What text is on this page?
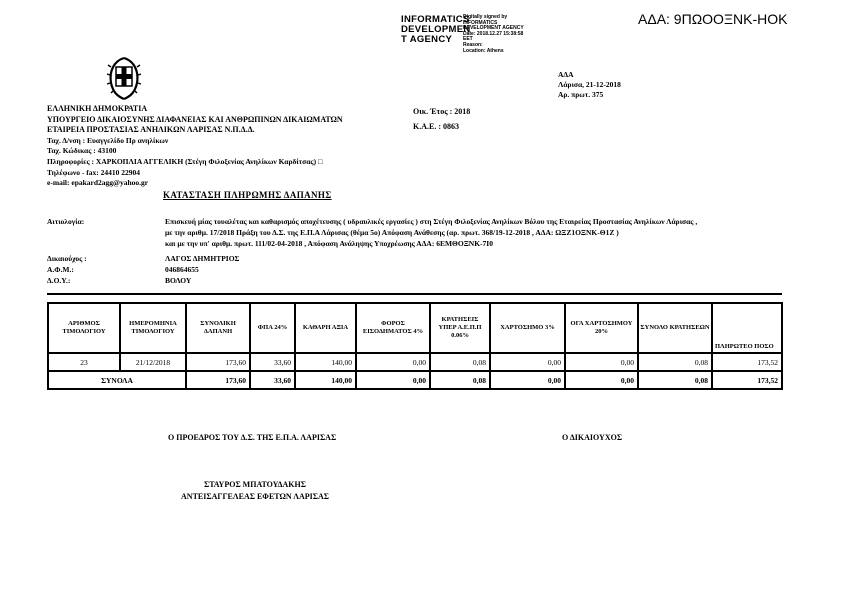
INFORMATICS
DEVELOPMEN
T AGENCY
Digitally signed by
INFORMATICS
DEVELOPMENT AGENCY
Date: 2018.12.27 15:38:58
EET
Reason:
Location: Athens
ΑΔΑ: 9ΠΩΟΟΞΝΚ-ΗΟΚ
ΕΛΛΗΝΙΚΗ ΔΗΜΟΚΡΑΤΙΑ
ΥΠΟΥΡΓΕΙΟ ΔΙΚΑΙΟΣΥΝΗΣ ΔΙΑΦΑΝΕΙΑΣ ΚΑΙ ΑΝΘΡΩΠΙΝΩΝ ΔΙΚΑΙΩΜΑΤΩΝ
ΕΤΑΙΡΕΙΑ ΠΡΟΣΤΑΣΙΑΣ ΑΝΗΛΙΚΩΝ ΛΑΡΙΣΑΣ Ν.Π.Δ.Δ.
Ταχ. Δ/νση : Ευαγγελίδο Πρ ανηλίκων
Ταχ. Κώδικας : 43100
Πληροφορίες : ΧΑΡΚΟΠΛΙΑ ΑΓΓΕΛΙΚΗ (Στέγη Φιλοξενίας Ανηλίκων Καρδίτσας) □
Τηλέφωνο - fax: 24410 22904
e-mail: epakard2agg@yahoo.gr
Οικ. Έτος : 2018
Κ.Α.Ε. : 0863
ΑΔΑ
Λάρισα, 21-12-2018
Αρ. πρωτ. 375
ΚΑΤΑΣΤΑΣΗ ΠΛΗΡΩΜΗΣ ΔΑΠΑΝΗΣ
Αιτιολογία:	Επισκευή μίας τουαλέτας και καθαρισμός αποχέτευσης ( υδραυλικές εργασίες ) στη Στέγη Φιλοξενίας Ανηλίκων Βόλου της Εταιρείας Προστασίας Ανηλίκων Λάρισας ,
με την αριθμ. 17/2018 Πράξη του Δ.Σ. της Ε.Π.Α Λάρισας (θέμα 5ο) Απόφαση Ανάθεσης (αρ. πρωτ. 368/19-12-2018 , ΑΔΑ: ΩΞΖ1ΟΞΝΚ-Θ1Ζ )
και με την υπ' αριθμ. πρωτ. 111/02-04-2018 , Απόφαση Ανάληψης Υποχρέωσης ΑΔΑ: 6ΕΜΘΟΞΝΚ-7Ι0
Δικαιούχος :	ΛΑΓΟΣ ΔΗΜΗΤΡΙΟΣ
Α.Φ.Μ.:	046864655
Δ.Ο.Υ.:	ΒΟΛΟΥ
ΑΡΙΘΜΟΣ ΤΙΜΟΛΟΓΙΟΥ	ΗΜΕΡΟΜΗΝΙΑ ΤΙΜΟΛΟΓΙΟΥ	ΣΥΝΟΛΙΚΗ ΔΑΠΑΝΗ	ΦΠΑ 24%	ΚΑΘΑΡΗ ΑΞΙΑ	ΦΟΡΟΣ ΕΙΣΟΔΗΜΑΤΟΣ 4%	ΚΡΑΤΗΣΕΙΣ ΥΠΕΡ Α.Ε.Π.Π 0.06%	ΧΑΡΤΟΣΗΜΟ 3%	ΟΓΑ ΧΑΡΤΟΣΗΜΟΥ 20%	ΣΥΝΟΛΟ ΚΡΑΤΗΣΕΩΝ	ΠΛΗΡΩΤΕΟ ΠΟΣΟ
23	21/12/2018	173,60	33,60	140,00	0,00	0,08	0,00	0,00	0,08	173,52
ΣΥΝΟΛΑ		173,60	33,60	140,00	0,00	0,08	0,00	0,00	0,08	173,52
Ο ΠΡΟΕΔΡΟΣ ΤΟΥ Δ.Σ. ΤΗΣ Ε.Π.Α. ΛΑΡΙΣΑΣ	Ο ΔΙΚΑΙΟΥΧΟΣ
ΣΤΑΥΡΟΣ ΜΠΑΤΟΥΔΑΚΗΣ
ΑΝΤΕΙΣΑΓΓΕΛΕΑΣ ΕΦΕΤΩΝ ΛΑΡΙΣΑΣ
